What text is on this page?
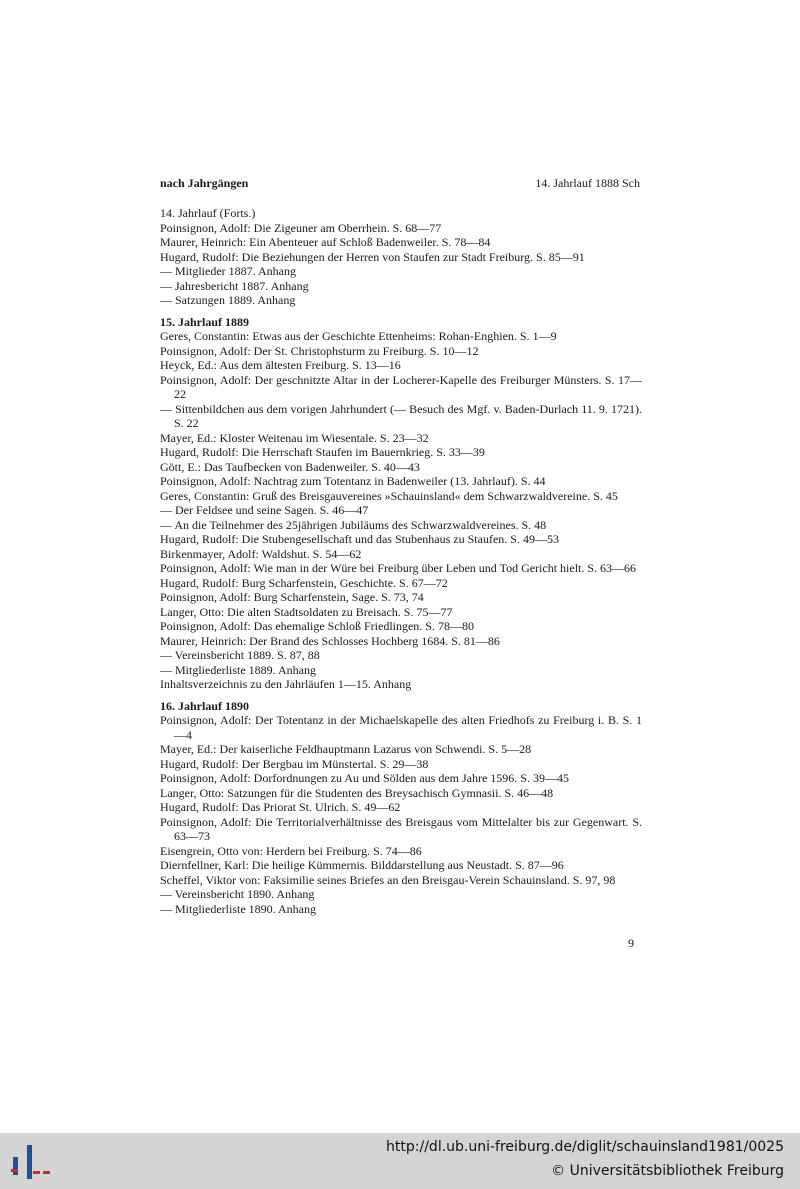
nach Jahrgängen	14. Jahrlauf 1888 Sch

14. Jahrlauf (Forts.)

Poinsignon, Adolf: Die Zigeuner am Oberrhein. S. 68—77

Maurer, Heinrich: Ein Abenteuer auf Schloß Badenweiler. S. 78—84

Hugard, Rudolf: Die Beziehungen der Herren von Staufen zur Stadt Freiburg. S. 85—91

— Mitglieder 1887. Anhang

— Jahresbericht 1887. Anhang

— Satzungen 1889. Anhang

15. Jahrlauf 1889

Geres, Constantin: Etwas aus der Geschichte Ettenheims: Rohan-Enghien. S. 1—9

Poinsignon, Adolf: Der St. Christophsturm zu Freiburg. S. 10—12

Heyck, Ed.: Aus dem ältesten Freiburg. S. 13—16

Poinsignon, Adolf: Der geschnitzte Altar in der Locherer-Kapelle des Freiburger Münsters. S. 17—22

— Sittenbildchen aus dem vorigen Jahrhundert (— Besuch des Mgf. v. Baden-Durlach 11. 9. 1721). S. 22

Mayer, Ed.: Kloster Weitenau im Wiesentale. S. 23—32

Hugard, Rudolf: Die Herrschaft Staufen im Bauernkrieg. S. 33—39

Gött, E.: Das Taufbecken von Badenweiler. S. 40—43

Poinsignon, Adolf: Nachtrag zum Totentanz in Badenweiler (13. Jahrlauf). S. 44

Geres, Constantin: Gruß des Breisgauvereines »Schauinsland« dem Schwarzwaldvereine. S. 45

— Der Feldsee und seine Sagen. S. 46—47

— An die Teilnehmer des 25jährigen Jubiläums des Schwarzwaldvereines. S. 48

Hugard, Rudolf: Die Stubengesellschaft und das Stubenhaus zu Staufen. S. 49—53

Birkenmayer, Adolf: Waldshut. S. 54—62

Poinsignon, Adolf: Wie man in der Würe bei Freiburg über Leben und Tod Gericht hielt. S. 63—66

Hugard, Rudolf: Burg Scharfenstein, Geschichte. S. 67—72

Poinsignon, Adolf: Burg Scharfenstein, Sage. S. 73, 74

Langer, Otto: Die alten Stadtsoldaten zu Breisach. S. 75—77

Poinsignon, Adolf: Das ehemalige Schloß Friedlingen. S. 78—80

Maurer, Heinrich: Der Brand des Schlosses Hochberg 1684. S. 81—86

— Vereinsbericht 1889. S. 87, 88

— Mitgliederliste 1889. Anhang

Inhaltsverzeichnis zu den Jahrläufen 1—15. Anhang

16. Jahrlauf 1890

Poinsignon, Adolf: Der Totentanz in der Michaelskapelle des alten Friedhofs zu Freiburg i. B. S. 1—4

Mayer, Ed.: Der kaiserliche Feldhauptmann Lazarus von Schwendi. S. 5—28

Hugard, Rudolf: Der Bergbau im Münstertal. S. 29—38

Poinsignon, Adolf: Dorfordnungen zu Au und Sölden aus dem Jahre 1596. S. 39—45

Langer, Otto: Satzungen für die Studenten des Breysachisch Gymnasii. S. 46—48

Hugard, Rudolf: Das Priorat St. Ulrich. S. 49—62

Poinsignon, Adolf: Die Territorialverhältnisse des Breisgaus vom Mittelalter bis zur Gegenwart. S. 63—73

Eisengrein, Otto von: Herdern bei Freiburg. S. 74—86

Diernfellner, Karl: Die heilige Kümmernis. Bilddarstellung aus Neustadt. S. 87—96

Scheffel, Viktor von: Faksimilie seines Briefes an den Breisgau-Verein Schauinsland. S. 97, 98

— Vereinsbericht 1890. Anhang

— Mitgliederliste 1890. Anhang

9
http://dl.ub.uni-freiburg.de/diglit/schauinsland1981/0025
© Universitätsbibliothek Freiburg
